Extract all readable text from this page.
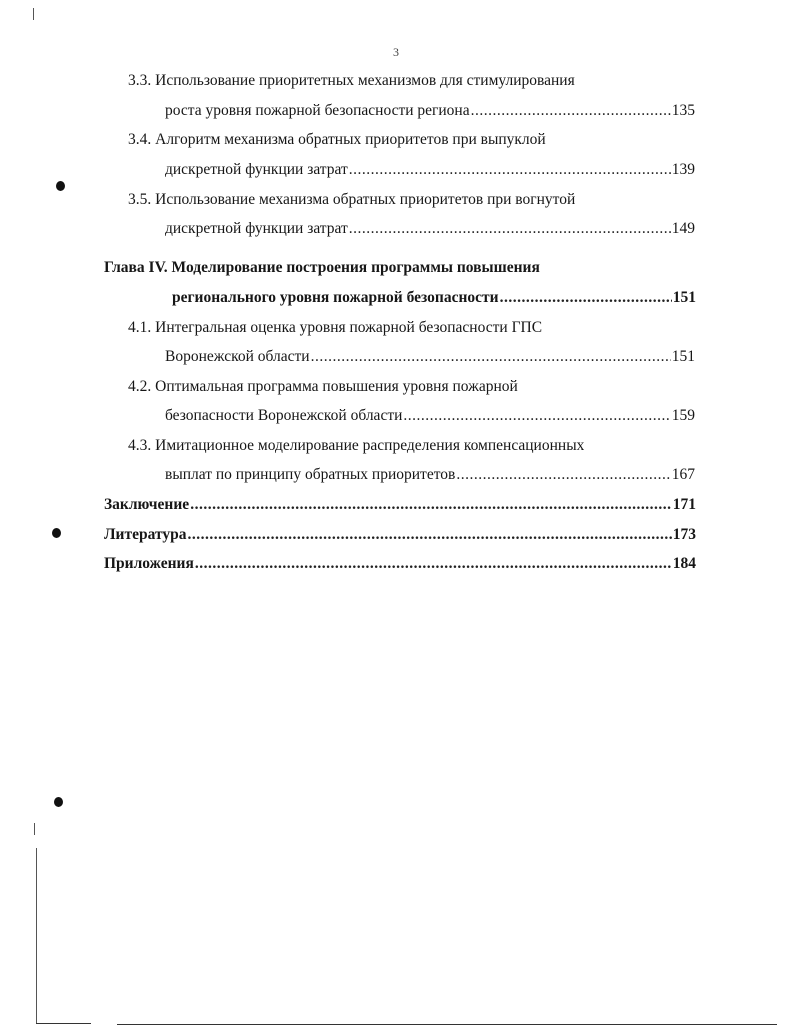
3
3.3. Использование приоритетных механизмов для стимулирования
роста уровня пожарной безопасности региона .....	135
3.4. Алгоритм механизма обратных приоритетов при выпуклой
дискретной функции затрат .....	139
3.5. Использование механизма обратных приоритетов при вогнутой
дискретной функции затрат .....	149
Глава IV. Моделирование построения программы повышения
регионального уровня пожарной безопасности .....	151
4.1. Интегральная оценка уровня пожарной безопасности ГПС
Воронежской области .....	151
4.2. Оптимальная программа повышения уровня пожарной
безопасности Воронежской области .....	159
4.3. Имитационное моделирование распределения компенсационных
выплат по принципу обратных приоритетов .....	167
Заключение .....	171
Литература .....	173
Приложения .....	184
